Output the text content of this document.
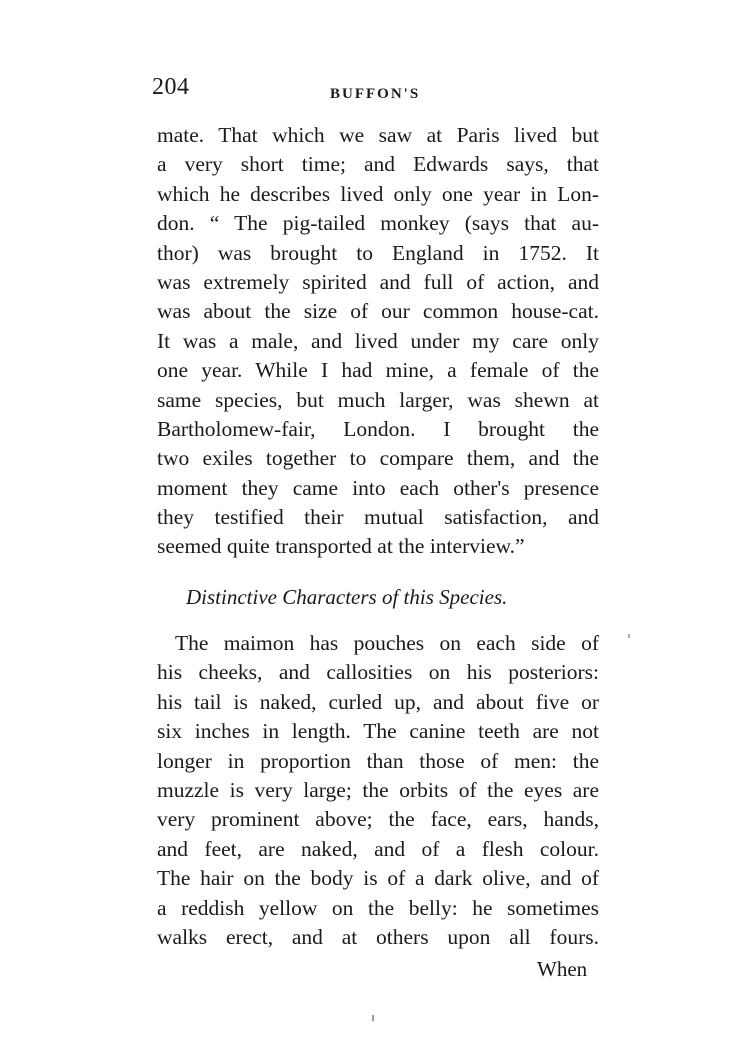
204	BUFFON'S
mate. That which we saw at Paris lived but
a very short time; and Edwards says, that
which he describes lived only one year in Lon-
don. “ The pig-tailed monkey (says that au-
thor) was brought to England in 1752. It
was extremely spirited and full of action, and
was about the size of our common house-cat.
It was a male, and lived under my care only
one year. While I had mine, a female of the
same species, but much larger, was shewn at
Bartholomew-fair, London. I brought the
two exiles together to compare them, and the
moment they came into each other's presence
they testified their mutual satisfaction, and
seemed quite transported at the interview.”
Distinctive Characters of this Species.
The maimon has pouches on each side of
his cheeks, and callosities on his posteriors:
his tail is naked, curled up, and about five or
six inches in length. The canine teeth are not
longer in proportion than those of men: the
muzzle is very large; the orbits of the eyes are
very prominent above; the face, ears, hands,
and feet, are naked, and of a flesh colour.
The hair on the body is of a dark olive, and of
a reddish yellow on the belly: he sometimes
walks erect, and at others upon all fours.
When
